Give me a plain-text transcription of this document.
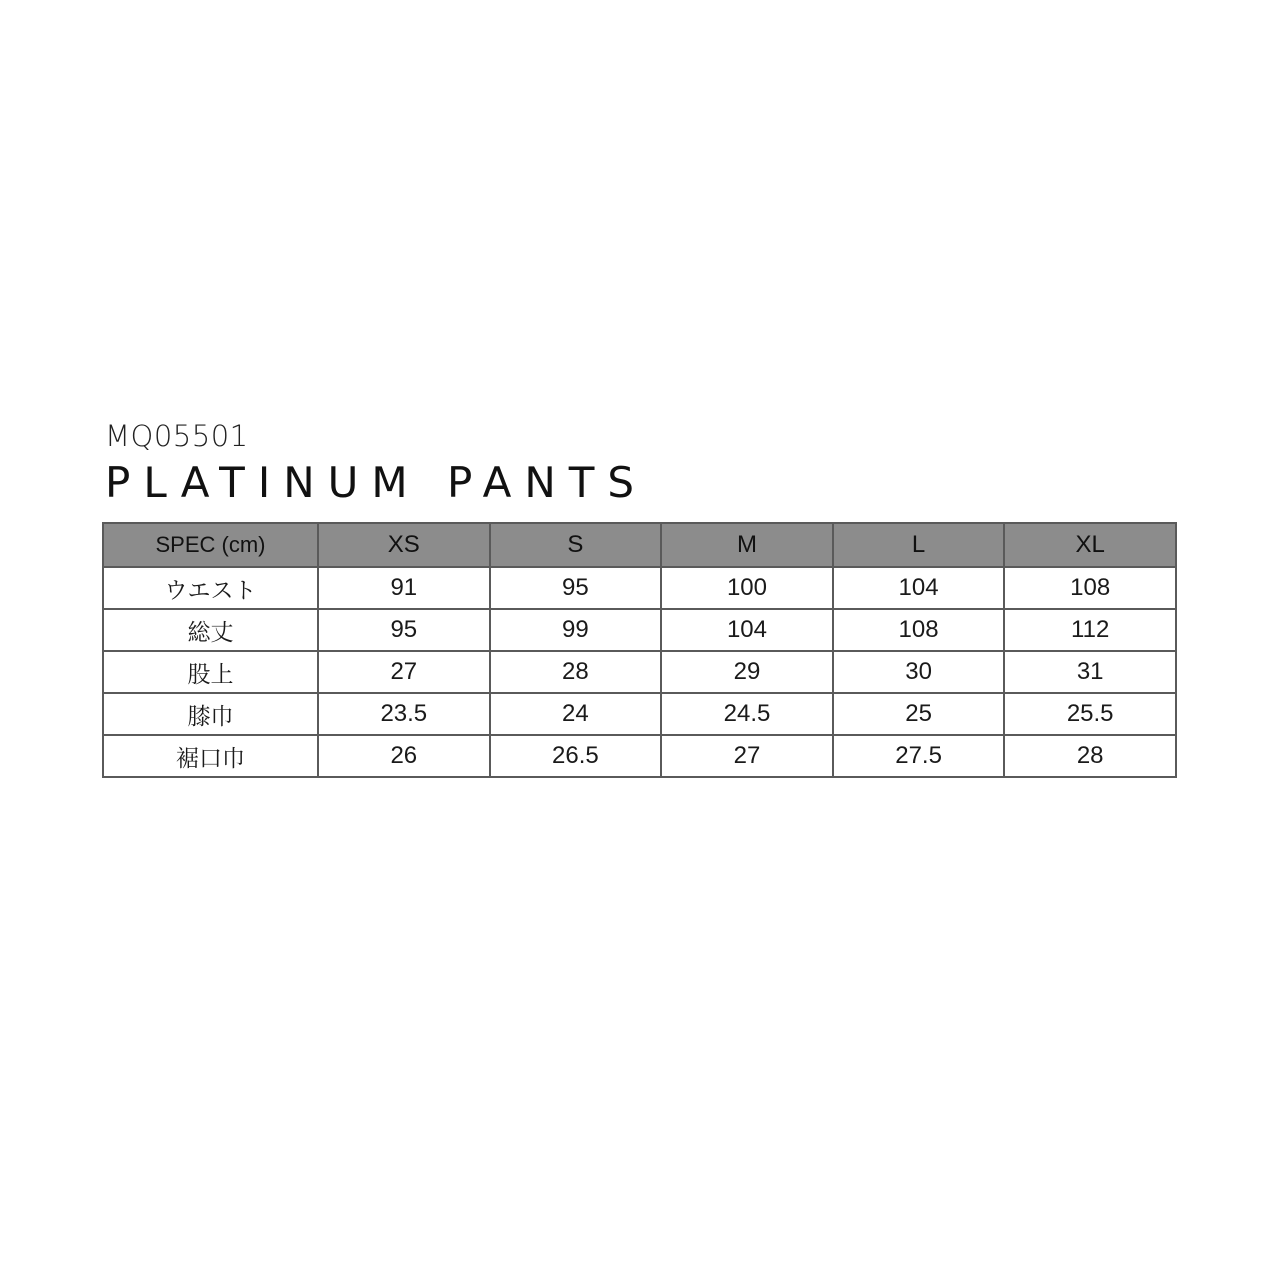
MQ05501
PLATINUM PANTS
SPEC (cm)	XS	S	M	L	XL
ウエスト	91	95	100	104	108
総丈	95	99	104	108	112
股上	27	28	29	30	31
膝巾	23.5	24	24.5	25	25.5
裾口巾	26	26.5	27	27.5	28
